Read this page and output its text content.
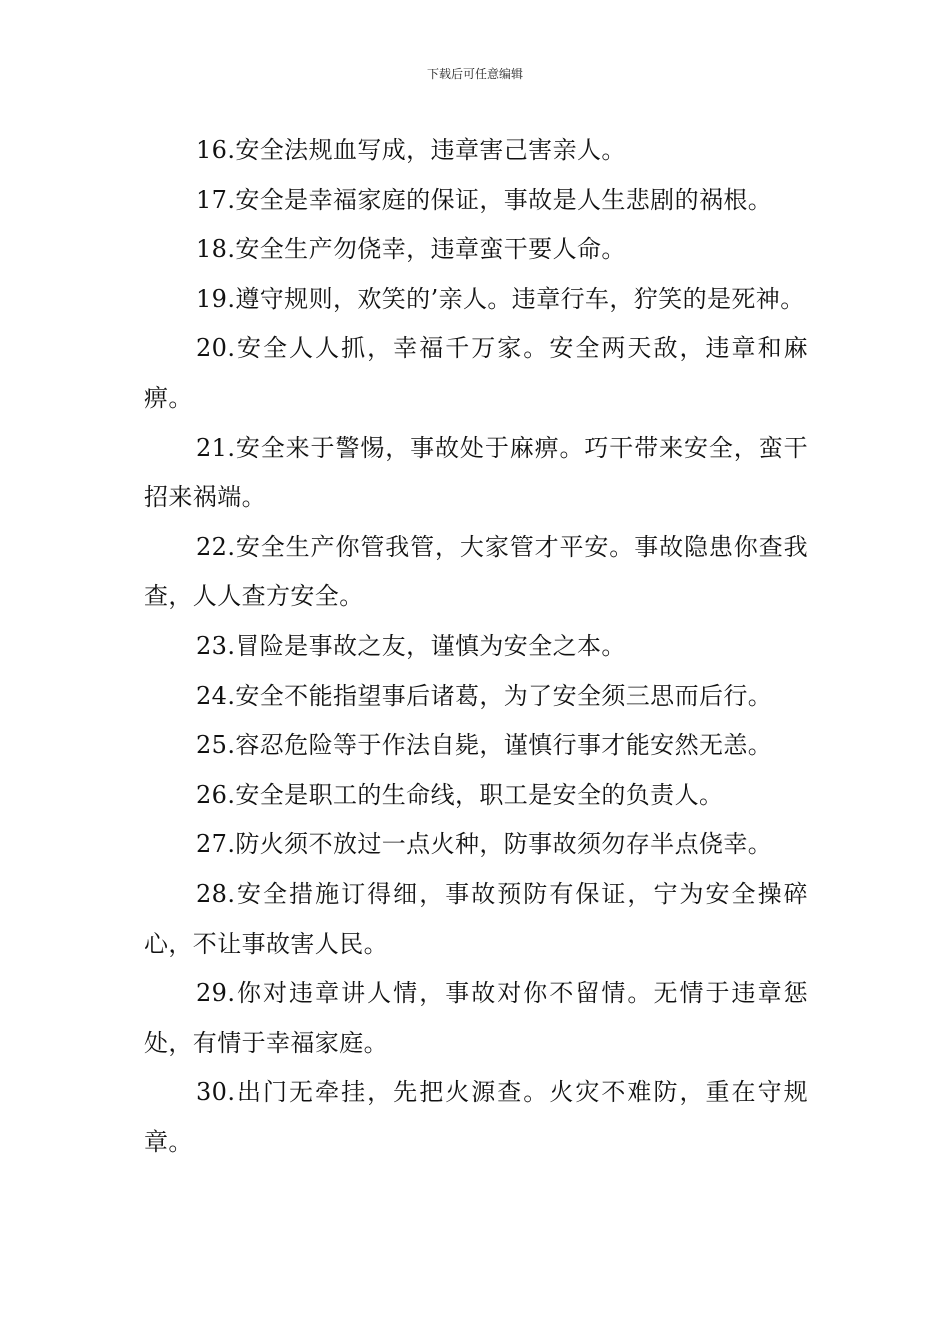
下载后可任意编辑

16.安全法规血写成，违章害己害亲人。

17.安全是幸福家庭的保证，事故是人生悲剧的祸根。

18.安全生产勿侥幸，违章蛮干要人命。

19.遵守规则，欢笑的’亲人。违章行车，狞笑的是死神。

20.安全人人抓，幸福千万家。安全两天敌，违章和麻痹。

21.安全来于警惕，事故处于麻痹。巧干带来安全，蛮干招来祸端。

22.安全生产你管我管，大家管才平安。事故隐患你查我查，人人查方安全。

23.冒险是事故之友，谨慎为安全之本。

24.安全不能指望事后诸葛，为了安全须三思而后行。

25.容忍危险等于作法自毙，谨慎行事才能安然无恙。

26.安全是职工的生命线，职工是安全的负责人。

27.防火须不放过一点火种，防事故须勿存半点侥幸。

28.安全措施订得细，事故预防有保证，宁为安全操碎心，不让事故害人民。

29.你对违章讲人情，事故对你不留情。无情于违章惩处，有情于幸福家庭。

30.出门无牵挂，先把火源查。火灾不难防，重在守规章。
